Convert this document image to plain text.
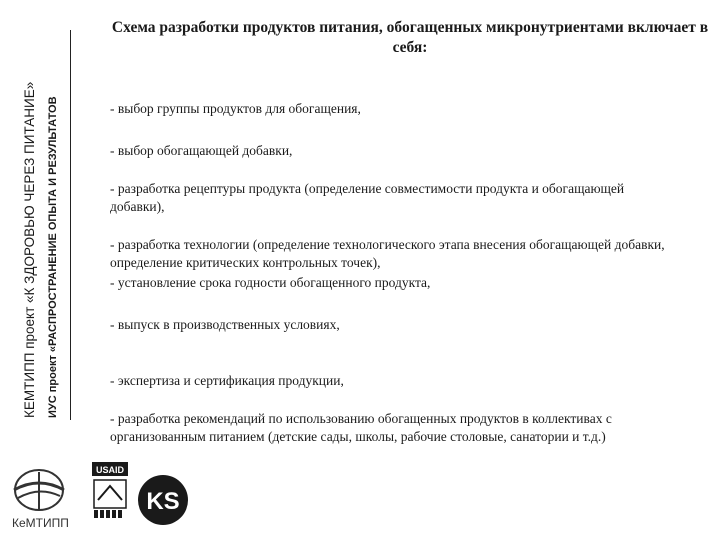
КЕМТИПП проект «К ЗДОРОВЬЮ ЧЕРЕЗ ПИТАНИЕ» ИУС проект «РАСПРОСТРАНЕНИЕ ОПЫТА И РЕЗУЛЬТАТОВ
Схема разработки продуктов питания, обогащенных микронутриентами включает в себя:
- выбор группы продуктов для обогащения,
- выбор обогащающей добавки,
- разработка рецептуры продукта (определение совместимости продукта и обогащающей добавки),
- разработка технологии (определение технологического этапа внесения обогащающей добавки, определение критических контрольных точек),
- установление срока годности обогащенного продукта,
- выпуск в производственных условиях,
- экспертиза и сертификация продукции,
- разработка рекомендаций по использованию обогащенных продуктов в коллективах с организованным питанием (детские сады, школы, рабочие столовые, санатории и т.д.)
КеМТИПП
USAID
KS
